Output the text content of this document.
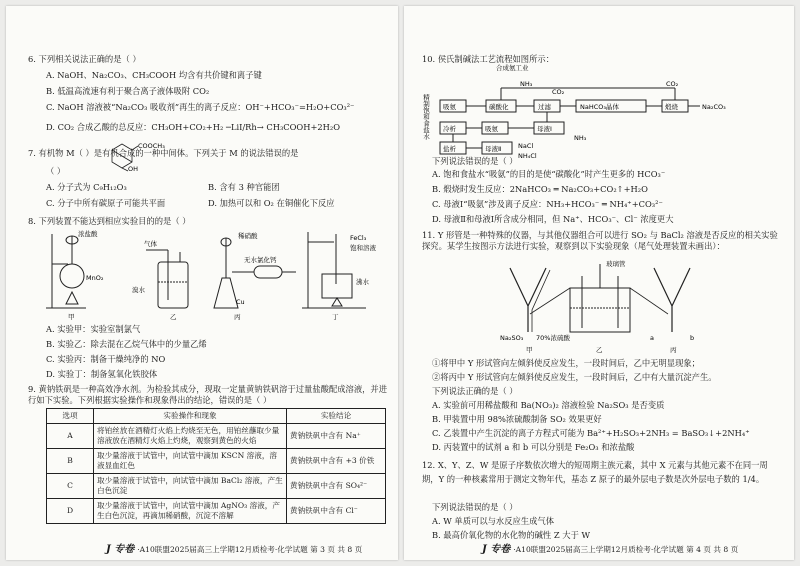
6. 下列相关说法正确的是（ ）
A. NaOH、Na₂CO₃、CH₃COOH 均含有共价键和离子键
B. 低温高流速有利于聚合离子液体吸附 CO₂
C. NaOH 溶液被“Na₂CO₃ 吸收剂”再生的离子反应：OH⁻+HCO₃⁻=H₂O+CO₃²⁻
D. CO₂ 合成乙酸的总反应：CH₃OH+CO₂+H₂ ─LiI/Rh→ CH₃COOH+2H₂O
7. 有机物 M（ ）是有机合成的一种中间体。下列关于 M 的说法错误的是
COOCH₃
OH
（ ）
A. 分子式为 C₉H₁₂O₃	B. 含有 3 种官能团
C. 分子中所有碳原子可能共平面	D. 加热可以和 O₂ 在铜催化下反应
8. 下列装置不能达到相应实验目的的是（ ）
浓盐酸
MnO₂
甲
气体
溴水
乙
稀硝酸
无水氯化钙
Cu
丙
FeCl₃
饱和溶液
沸水
丁
A. 实验甲：实验室制氯气
B. 实验乙：除去混在乙烷气体中的少量乙烯
C. 实验丙：制备干燥纯净的 NO
D. 实验丁：制备氢氧化铁胶体
9. 黄钠铁矾是一种高效净水剂。为检验其成分，现取一定量黄钠铁矾溶于过量盐酸配成溶液，并进行如下实验。下列根据实验操作和现象得出的结论，错误的是（ ）
选项	实验操作和现象	实验结论
A	将铂丝放在酒精灯火焰上灼烧至无色，用铂丝蘸取少量溶液放在酒精灯火焰上灼烧，观察到黄色的火焰	黄钠铁矾中含有 Na⁺
B	取少量溶液于试管中，向试管中滴加 KSCN 溶液，溶液显血红色	黄钠铁矾中含有 +3 价铁
C	取少量溶液于试管中，向试管中滴加 BaCl₂ 溶液，产生白色沉淀	黄钠铁矾中含有 SO₄²⁻
D	取少量溶液于试管中，向试管中滴加 AgNO₃ 溶液，产生白色沉淀，再滴加稀硝酸，沉淀不溶解	黄钠铁矾中含有 Cl⁻
J 专卷 ·A10联盟2025届高三上学期12月质检考·化学试题 第 3 页 共 8 页
10. 侯氏制碱法工艺流程如图所示：
精制饱和食盐水
合成氨工业
NH₃	CO₂
CO₂
吸氨	碳酸化	过滤	NaHCO₃晶体	煅烧	Na₂CO₃
母液Ⅰ
吸氨
冷析
盐析	母液Ⅱ	NaCl
NH₄Cl
NH₃
下列说法错误的是（ ）
A. 饱和食盐水“吸氨”的目的是使“碳酸化”时产生更多的 HCO₃⁻
B. 煅烧时发生反应：2NaHCO₃ ═ Na₂CO₃+CO₂↑+H₂O
C. 母液Ⅰ“吸氨”涉及离子反应：NH₃+HCO₃⁻ ═ NH₄⁺+CO₃²⁻
D. 母液Ⅱ和母液Ⅰ所含成分相同，但 Na⁺、HCO₃⁻、Cl⁻ 浓度更大
11. Y 形管是一种特殊的仪器，与其他仪器组合可以进行 SO₂ 与 BaCl₂ 溶液是否反应的相关实验探究。某学生按图示方法进行实验，观察到以下实验现象（尾气处理装置未画出）：
玻璃管
Na₂SO₃ 70%浓硫酸	a	b
甲	乙	丙
①将甲中 Y 形试管向左倾斜使反应发生，一段时间后，乙中无明显现象；
②将丙中 Y 形试管向左倾斜使反应发生，一段时间后，乙中有大量沉淀产生。
下列说法正确的是（ ）
A. 实验前可用稀盐酸和 Ba(NO₃)₂ 溶液检验 Na₂SO₃ 是否变质
B. 甲装置中用 98%浓硫酸制备 SO₂ 效果更好
C. 乙装置中产生沉淀的离子方程式可能为 Ba²⁺+H₂SO₃+2NH₃ = BaSO₃↓+2NH₄⁺
D. 丙装置中的试剂 a 和 b 可以分别是 Fe₂O₃ 和浓盐酸
12. X、Y、Z、W 是原子序数依次增大的短周期主族元素，其中 X 元素与其他元素不在同一周期，Y 的一种核素常用于测定文物年代，基态 Z 原子的最外层电子数是次外层电子数的 1/4。
下列说法错误的是（ ）
A. W 单质可以与水反应生成气体
B. 最高价氧化物的水化物的碱性 Z 大于 W
J 专卷 ·A10联盟2025届高三上学期12月质检考·化学试题 第 4 页 共 8 页
